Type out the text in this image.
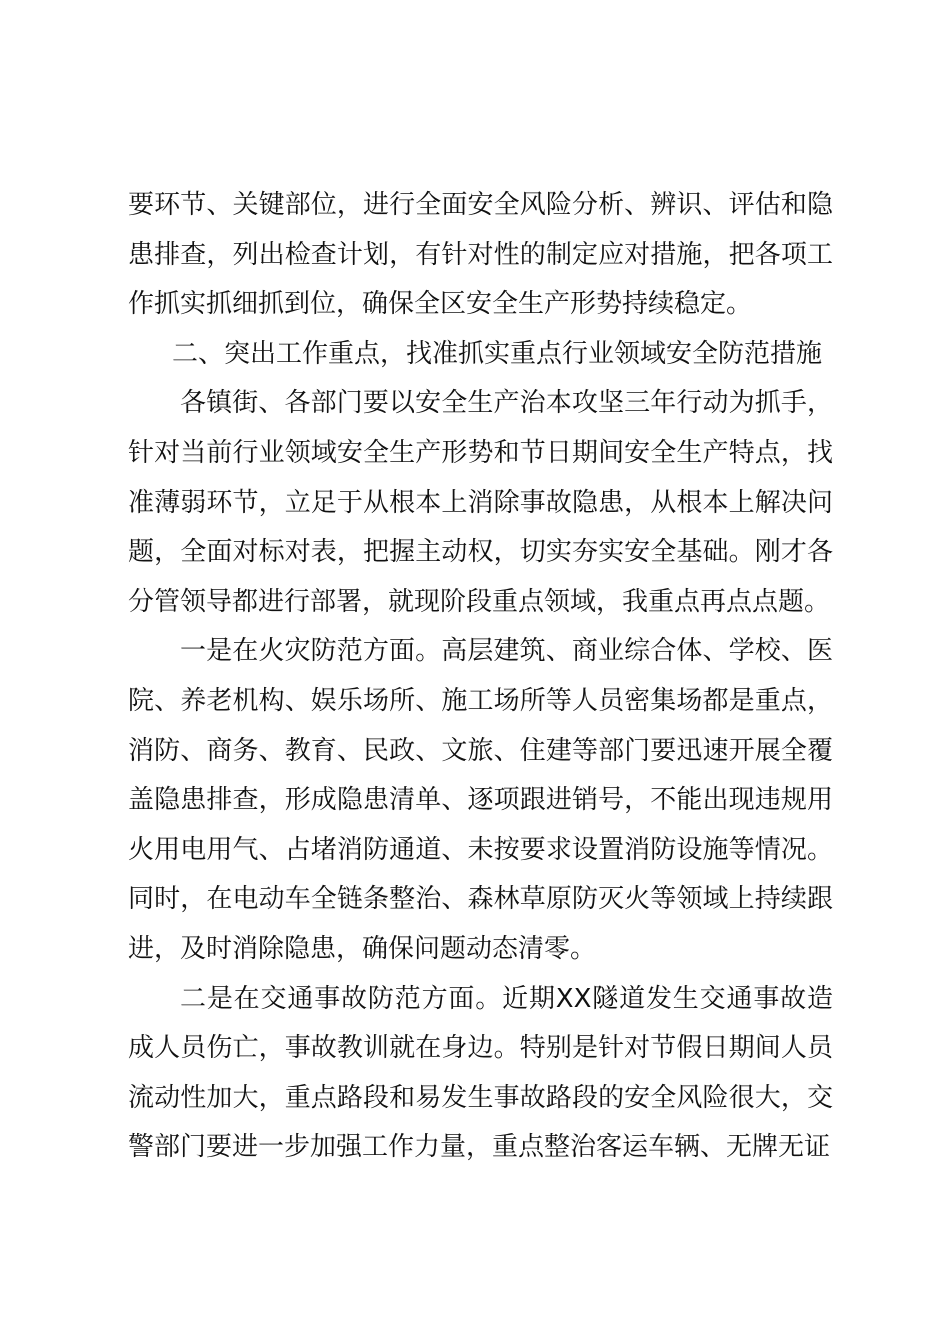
要环节、关键部位，进行全面安全风险分析、辨识、评估和隐患排查，列出检查计划，有针对性的制定应对措施，把各项工作抓实抓细抓到位，确保全区安全生产形势持续稳定。

二、突出工作重点，找准抓实重点行业领域安全防范措施

各镇街、各部门要以安全生产治本攻坚三年行动为抓手，针对当前行业领域安全生产形势和节日期间安全生产特点，找准薄弱环节，立足于从根本上消除事故隐患，从根本上解决问题，全面对标对表，把握主动权，切实夯实安全基础。刚才各分管领导都进行部署，就现阶段重点领域，我重点再点点题。

一是在火灾防范方面。高层建筑、商业综合体、学校、医院、养老机构、娱乐场所、施工场所等人员密集场都是重点，消防、商务、教育、民政、文旅、住建等部门要迅速开展全覆盖隐患排查，形成隐患清单、逐项跟进销号，不能出现违规用火用电用气、占堵消防通道、未按要求设置消防设施等情况。同时，在电动车全链条整治、森林草原防灭火等领域上持续跟进，及时消除隐患，确保问题动态清零。

二是在交通事故防范方面。近期XX隧道发生交通事故造成人员伤亡，事故教训就在身边。特别是针对节假日期间人员流动性加大，重点路段和易发生事故路段的安全风险很大，交警部门要进一步加强工作力量，重点整治客运车辆、无牌无证
